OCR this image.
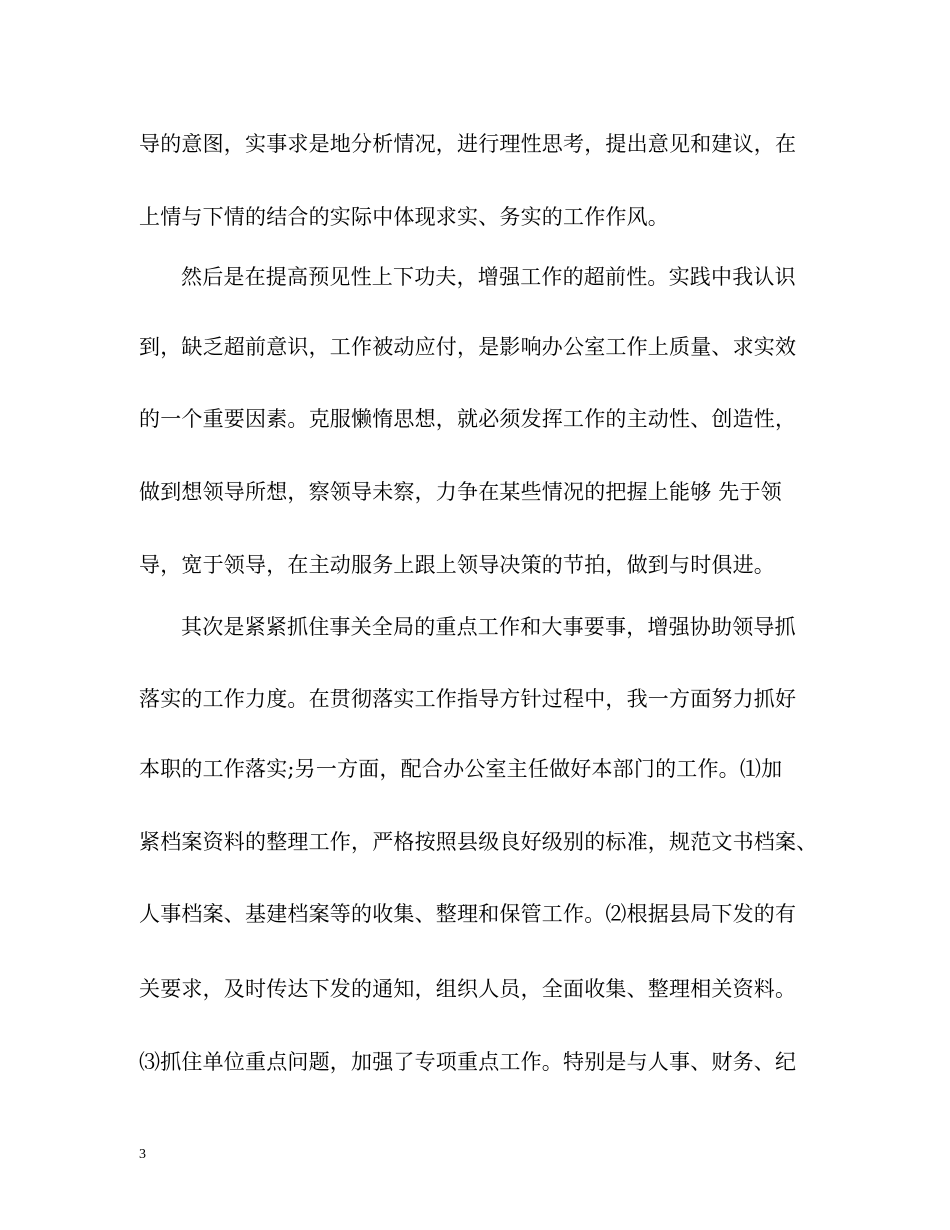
导的意图，实事求是地分析情况，进行理性思考，提出意见和建议，在
上情与下情的结合的实际中体现求实、务实的工作作风。
然后是在提高预见性上下功夫，增强工作的超前性。实践中我认识
到，缺乏超前意识，工作被动应付，是影响办公室工作上质量、求实效
的一个重要因素。克服懒惰思想，就必须发挥工作的主动性、创造性，
做到想领导所想，察领导未察，力争在某些情况的把握上能够 先于领
导，宽于领导，在主动服务上跟上领导决策的节拍，做到与时俱进。
其次是紧紧抓住事关全局的重点工作和大事要事，增强协助领导抓
落实的工作力度。在贯彻落实工作指导方针过程中，我一方面努力抓好
本职的工作落实;另一方面，配合办公室主任做好本部门的工作。⑴加
紧档案资料的整理工作，严格按照县级良好级别的标准，规范文书档案、
人事档案、基建档案等的收集、整理和保管工作。⑵根据县局下发的有
关要求，及时传达下发的通知，组织人员，全面收集、整理相关资料。
⑶抓住单位重点问题，加强了专项重点工作。特别是与人事、财务、纪
3
